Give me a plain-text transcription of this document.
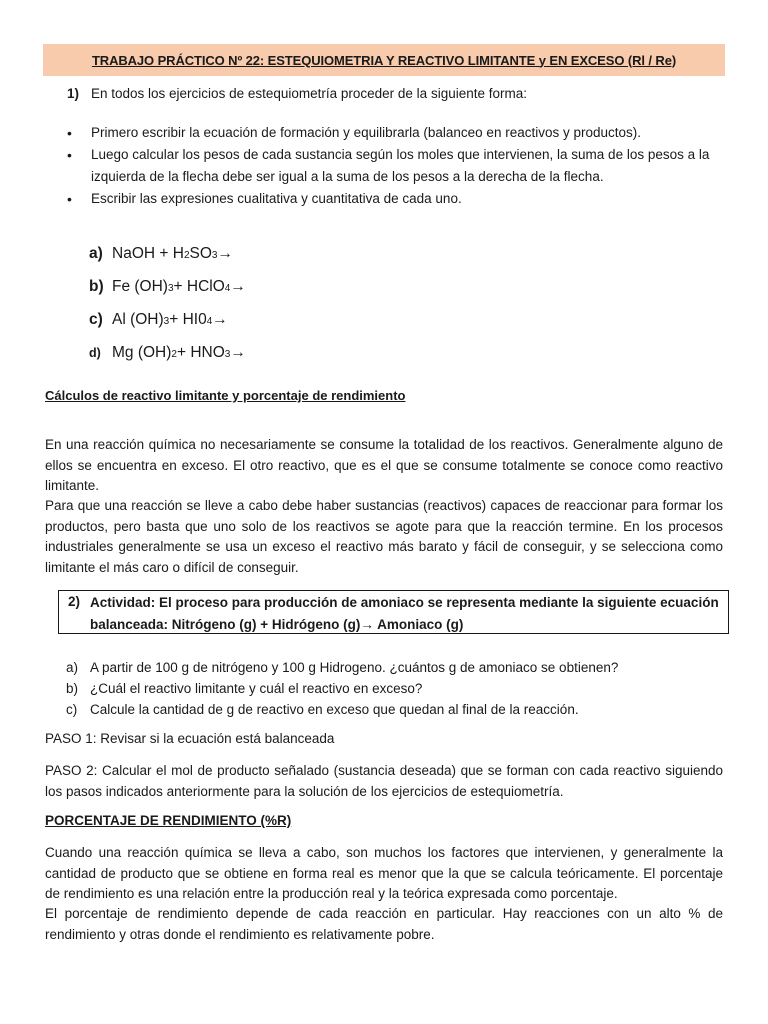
TRABAJO PRÁCTICO Nº 22: ESTEQUIOMETRIA Y REACTIVO LIMITANTE y EN EXCESO (Rl / Re)
1) En todos los ejercicios de estequiometría proceder de la siguiente forma:
• Primero escribir la ecuación de formación y equilibrarla (balanceo en reactivos y productos).
• Luego calcular los pesos de cada sustancia según los moles que intervienen, la suma de los pesos a la izquierda de la flecha debe ser igual a la suma de los pesos a la derecha de la flecha.
• Escribir las expresiones cualitativa y cuantitativa de cada uno.
a) NaOH + H 2 SO 3 →
b) Fe (OH) 3 + HClO 4 →
c) Al (OH) 3 + HI0 4 →
d) Mg (OH) 2 + HNO 3 →
Cálculos de reactivo limitante y porcentaje de rendimiento
En una reacción química no necesariamente se consume la totalidad de los reactivos. Generalmente alguno de ellos se encuentra en exceso. El otro reactivo, que es el que se consume totalmente se conoce como reactivo limitante.
Para que una reacción se lleve a cabo debe haber sustancias (reactivos) capaces de reaccionar para formar los productos, pero basta que uno solo de los reactivos se agote para que la reacción termine. En los procesos industriales generalmente se usa un exceso el reactivo más barato y fácil de conseguir, y se selecciona como limitante el más caro o difícil de conseguir.
2) Actividad: El proceso para producción de amoniaco se representa mediante la siguiente ecuación balanceada: Nitrógeno (g) + Hidrógeno (g)→ Amoniaco (g)
a) A partir de 100 g de nitrógeno y 100 g Hidrogeno. ¿cuántos g de amoniaco se obtienen?
b) ¿Cuál el reactivo limitante y cuál el reactivo en exceso?
c) Calcule la cantidad de g de reactivo en exceso que quedan al final de la reacción.
PASO 1: Revisar si la ecuación está balanceada
PASO 2: Calcular el mol de producto señalado (sustancia deseada) que se forman con cada reactivo siguiendo los pasos indicados anteriormente para la solución de los ejercicios de estequiometría.
PORCENTAJE DE RENDIMIENTO (%R)
Cuando una reacción química se lleva a cabo, son muchos los factores que intervienen, y generalmente la cantidad de producto que se obtiene en forma real es menor que la que se calcula teóricamente. El porcentaje de rendimiento es una relación entre la producción real y la teórica expresada como porcentaje.
El porcentaje de rendimiento depende de cada reacción en particular. Hay reacciones con un alto % de rendimiento y otras donde el rendimiento es relativamente pobre.
